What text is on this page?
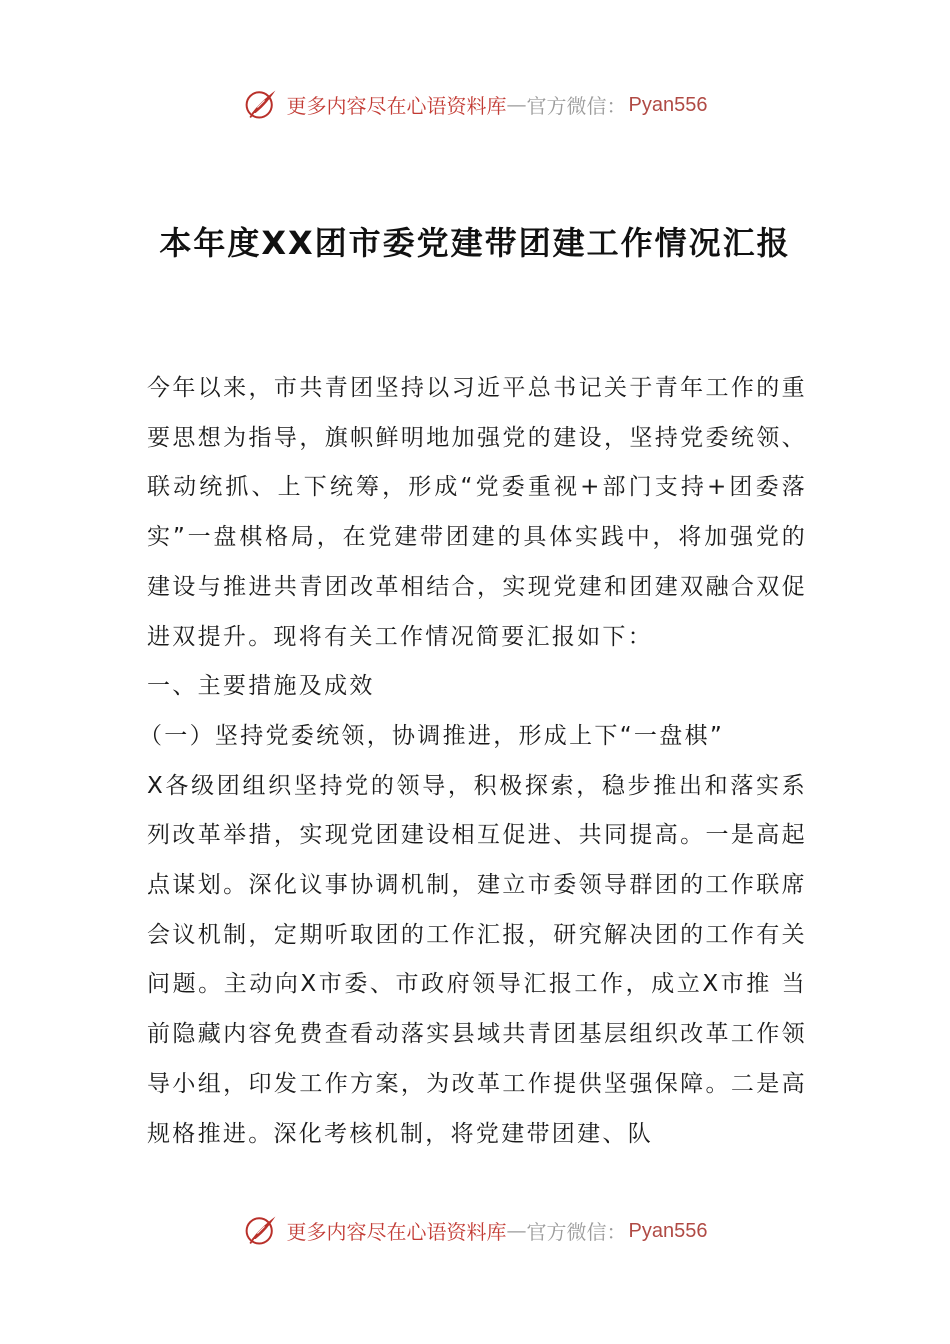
更多内容尽在心语资料库 — 官方微信： Pyan556
本年度XX团市委党建带团建工作情况汇报

今年以来，市共青团坚持以习近平总书记关于青年工作的重要思想为指导，旗帜鲜明地加强党的建设，坚持党委统领、联动统抓、上下统筹，形成“党委重视+部门支持+团委落实”一盘棋格局，在党建带团建的具体实践中，将加强党的建设与推进共青团改革相结合，实现党建和团建双融合双促进双提升。现将有关工作情况简要汇报如下：

一、主要措施及成效

（一）坚持党委统领，协调推进，形成上下“一盘棋”

X各级团组织坚持党的领导，积极探索，稳步推出和落实系列改革举措，实现党团建设相互促进、共同提高。一是高起点谋划。深化议事协调机制，建立市委领导群团的工作联席会议机制，定期听取团的工作汇报，研究解决团的工作有关问题。主动向X市委、市政府领导汇报工作，成立X市推 当前隐藏内容免费查看动落实县域共青团基层组织改革工作领导小组，印发工作方案，为改革工作提供坚强保障。二是高规格推进。深化考核机制，将党建带团建、队

更多内容尽在心语资料库 — 官方微信： Pyan556
